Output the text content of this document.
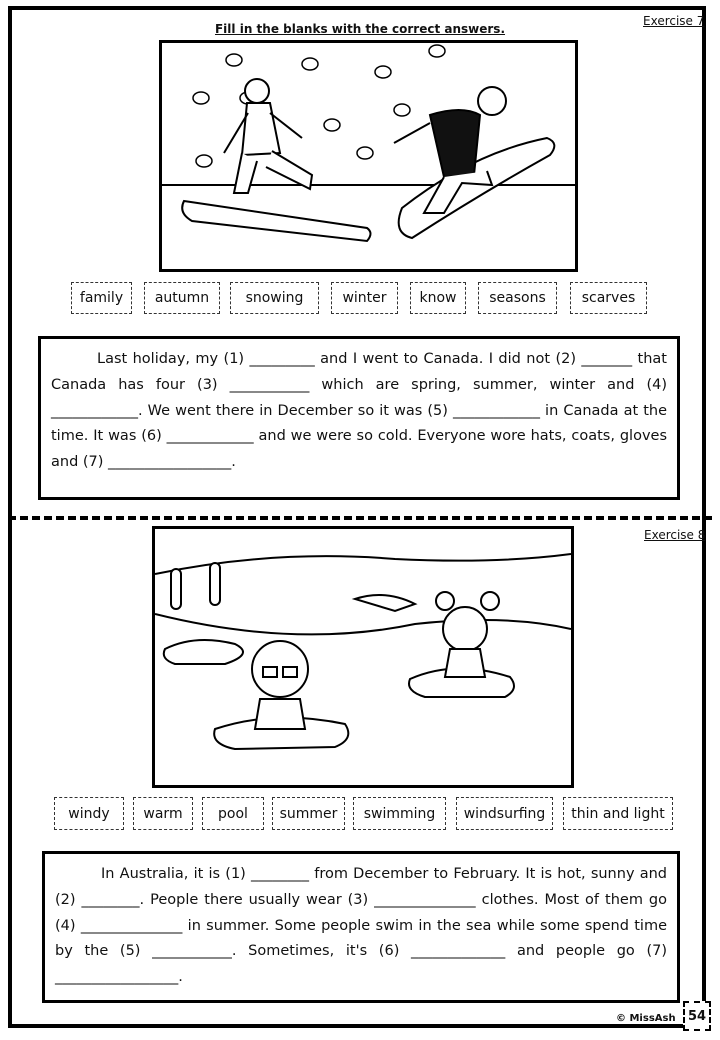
Exercise 7
Fill in the blanks with the correct answers.
family	autumn	snowing	winter	know	seasons	scarves
Last holiday, my (1) _________ and I went to Canada. I did not (2) _______ that Canada has four (3) ___________ which are spring, summer, winter and (4) ____________. We went there in December so it was (5) ____________ in Canada at the time. It was (6) ____________ and we were so cold. Everyone wore hats, coats, gloves and (7) _________________.
Exercise 8
windy	warm	pool	summer	swimming	windsurfing	thin and light
In Australia, it is (1) ________ from December to February. It is hot, sunny and (2) ________. People there usually wear (3) ______________ clothes. Most of them go (4) ______________ in summer. Some people swim in the sea while some spend time by the (5) ___________. Sometimes, it's (6) _____________ and people go (7) _________________.
© MissAsh 54
